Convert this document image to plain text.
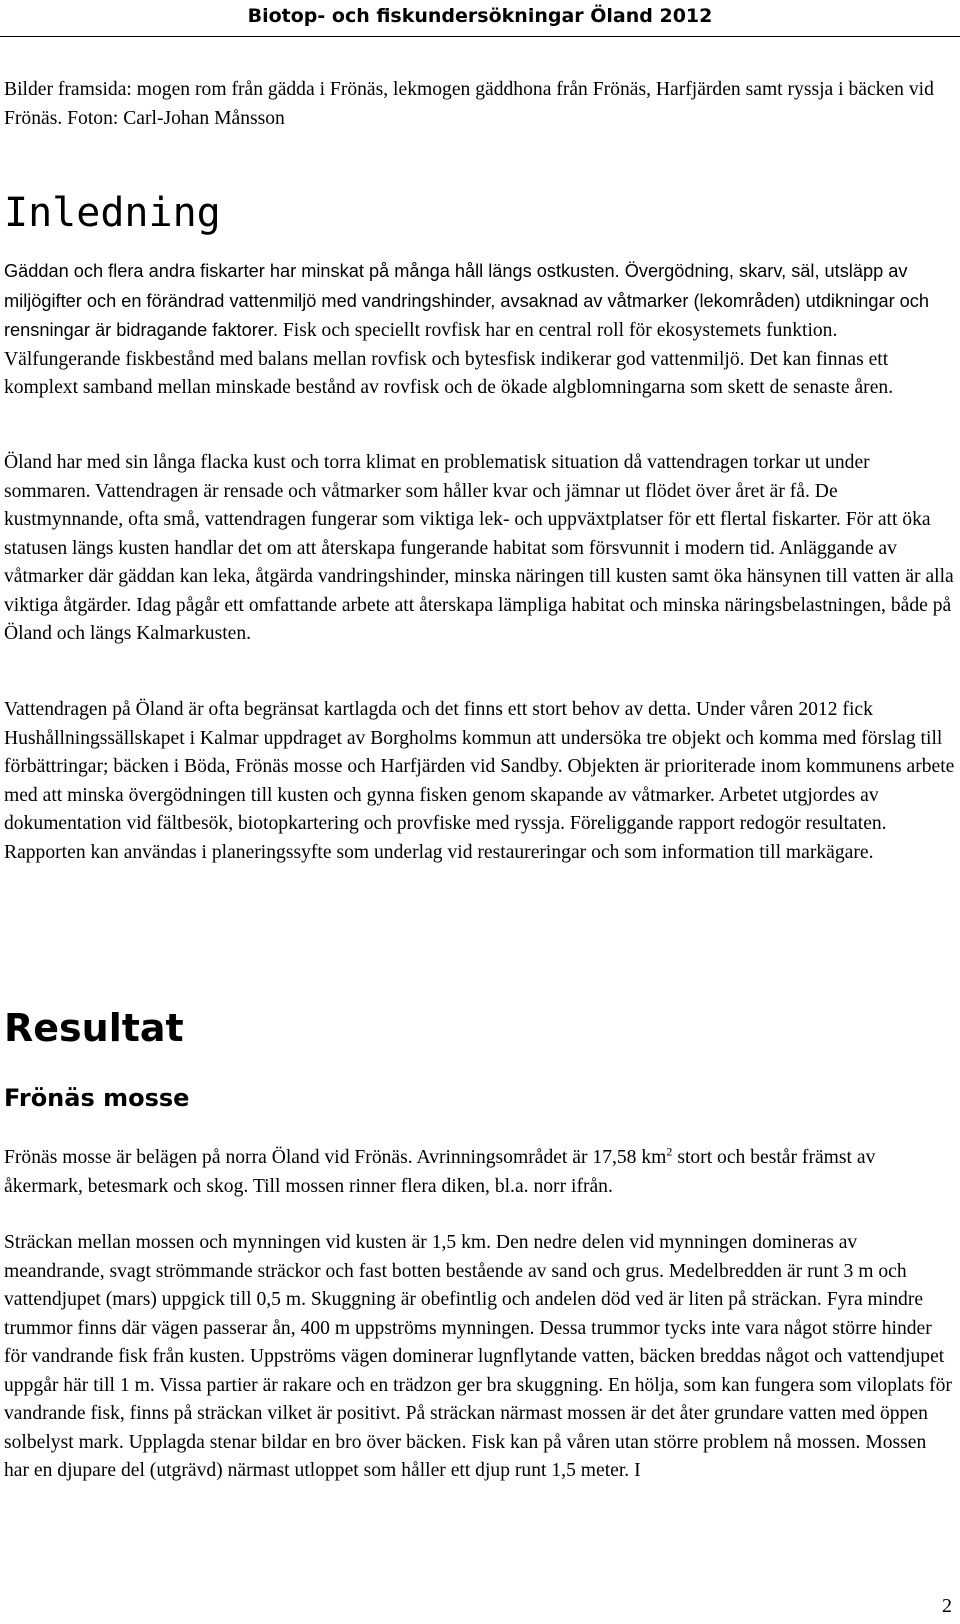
Biotop- och fiskundersökningar Öland 2012

Bilder framsida: mogen rom från gädda i Frönäs, lekmogen gäddhona från Frönäs, Harfjärden samt ryssja i bäcken vid Frönäs. Foton: Carl-Johan Månsson

Inledning

Gäddan och flera andra fiskarter har minskat på många håll längs ostkusten. Övergödning, skarv, säl, utsläpp av miljögifter och en förändrad vattenmiljö med vandringshinder, avsaknad av våtmarker (lekområden) utdikningar och rensningar är bidragande faktorer. Fisk och speciellt rovfisk har en central roll för ekosystemets funktion. Välfungerande fiskbestånd med balans mellan rovfisk och bytesfisk indikerar god vattenmiljö. Det kan finnas ett komplext samband mellan minskade bestånd av rovfisk och de ökade algblomningarna som skett de senaste åren.

Öland har med sin långa flacka kust och torra klimat en problematisk situation då vattendragen torkar ut under sommaren. Vattendragen är rensade och våtmarker som håller kvar och jämnar ut flödet över året är få. De kustmynnande, ofta små, vattendragen fungerar som viktiga lek- och uppväxtplatser för ett flertal fiskarter. För att öka statusen längs kusten handlar det om att återskapa fungerande habitat som försvunnit i modern tid. Anläggande av våtmarker där gäddan kan leka, åtgärda vandringshinder, minska näringen till kusten samt öka hänsynen till vatten är alla viktiga åtgärder. Idag pågår ett omfattande arbete att återskapa lämpliga habitat och minska näringsbelastningen, både på Öland och längs Kalmarkusten.

Vattendragen på Öland är ofta begränsat kartlagda och det finns ett stort behov av detta. Under våren 2012 fick Hushållningssällskapet i Kalmar uppdraget av Borgholms kommun att undersöka tre objekt och komma med förslag till förbättringar; bäcken i Böda, Frönäs mosse och Harfjärden vid Sandby. Objekten är prioriterade inom kommunens arbete med att minska övergödningen till kusten och gynna fisken genom skapande av våtmarker. Arbetet utgjordes av dokumentation vid fältbesök, biotopkartering och provfiske med ryssja. Föreliggande rapport redogör resultaten. Rapporten kan användas i planeringssyfte som underlag vid restaureringar och som information till markägare.

Resultat
Frönäs mosse

Frönäs mosse är belägen på norra Öland vid Frönäs. Avrinningsområdet är 17,58 $km^2$ stort och består främst av åkermark, betesmark och skog. Till mossen rinner flera diken, bl.a. norr ifrån.

Sträckan mellan mossen och mynningen vid kusten är 1,5 km. Den nedre delen vid mynningen domineras av meandrande, svagt strömmande sträckor och fast botten bestående av sand och grus. Medelbredden är runt 3 m och vattendjupet (mars) uppgick till 0,5 m. Skuggning är obefintlig och andelen död ved är liten på sträckan. Fyra mindre trummor finns där vägen passerar ån, 400 m uppströms mynningen. Dessa trummor tycks inte vara något större hinder för vandrande fisk från kusten. Uppströms vägen dominerar lugnflytande vatten, bäcken breddas något och vattendjupet uppgår här till 1 m. Vissa partier är rakare och en trädzon ger bra skuggning. En hölja, som kan fungera som viloplats för vandrande fisk, finns på sträckan vilket är positivt. På sträckan närmast mossen är det åter grundare vatten med öppen solbelyst mark. Upplagda stenar bildar en bro över bäcken. Fisk kan på våren utan större problem nå mossen. Mossen har en djupare del (utgrävd) närmast utloppet som håller ett djup runt 1,5 meter. I

2
